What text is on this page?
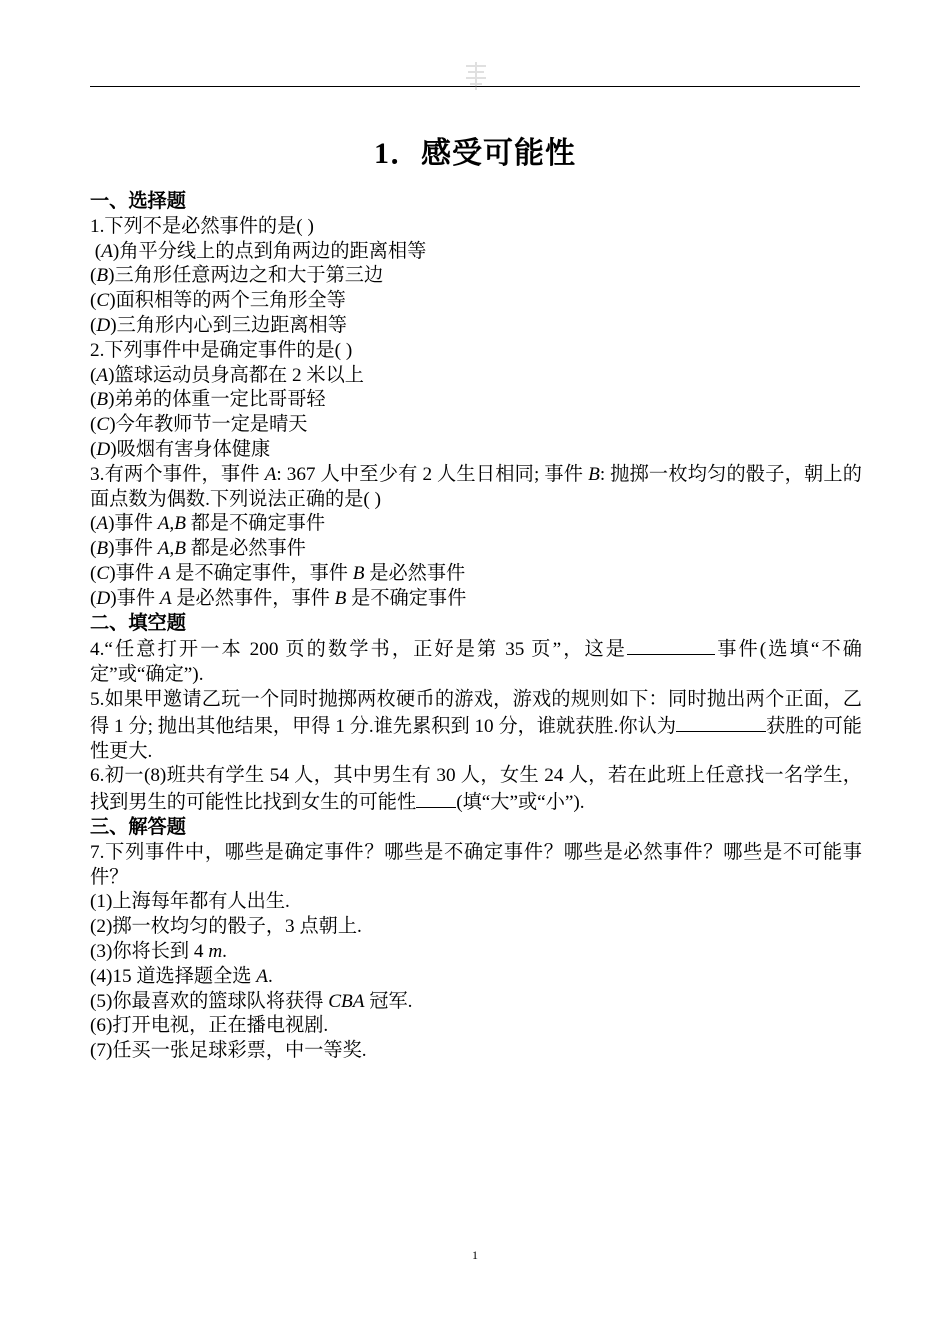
1．感受可能性
一、选择题
1.下列不是必然事件的是( )
(A)角平分线上的点到角两边的距离相等
(B)三角形任意两边之和大于第三边
(C)面积相等的两个三角形全等
(D)三角形内心到三边距离相等
2.下列事件中是确定事件的是( )
(A)篮球运动员身高都在 2 米以上
(B)弟弟的体重一定比哥哥轻
(C)今年教师节一定是晴天
(D)吸烟有害身体健康
3.有两个事件，事件 A: 367 人中至少有 2 人生日相同; 事件 B: 抛掷一枚均匀的骰子，朝上的面点数为偶数.下列说法正确的是( )
(A)事件 A,B 都是不确定事件
(B)事件 A,B 都是必然事件
(C)事件 A 是不确定事件，事件 B 是必然事件
(D)事件 A 是必然事件，事件 B 是不确定事件
二、填空题
4.“任意打开一本 200 页的数学书，正好是第 35 页”，这是	事件(选填“不确定”或“确定”).
5.如果甲邀请乙玩一个同时抛掷两枚硬币的游戏，游戏的规则如下：同时抛出两个正面，乙得 1 分; 抛出其他结果，甲得 1 分.谁先累积到 10 分，谁就获胜.你认为	获胜的可能性更大.
6.初一(8)班共有学生 54 人，其中男生有 30 人，女生 24 人，若在此班上任意找一名学生，找到男生的可能性比找到女生的可能性 (填“大”或“小”).
三、解答题
7.下列事件中，哪些是确定事件？哪些是不确定事件？哪些是必然事件？哪些是不可能事件？
(1)上海每年都有人出生.
(2)掷一枚均匀的骰子，3 点朝上.
(3)你将长到 4 m.
(4)15 道选择题全选 A.
(5)你最喜欢的篮球队将获得 CBA 冠军.
(6)打开电视，正在播电视剧.
(7)任买一张足球彩票，中一等奖.
1
